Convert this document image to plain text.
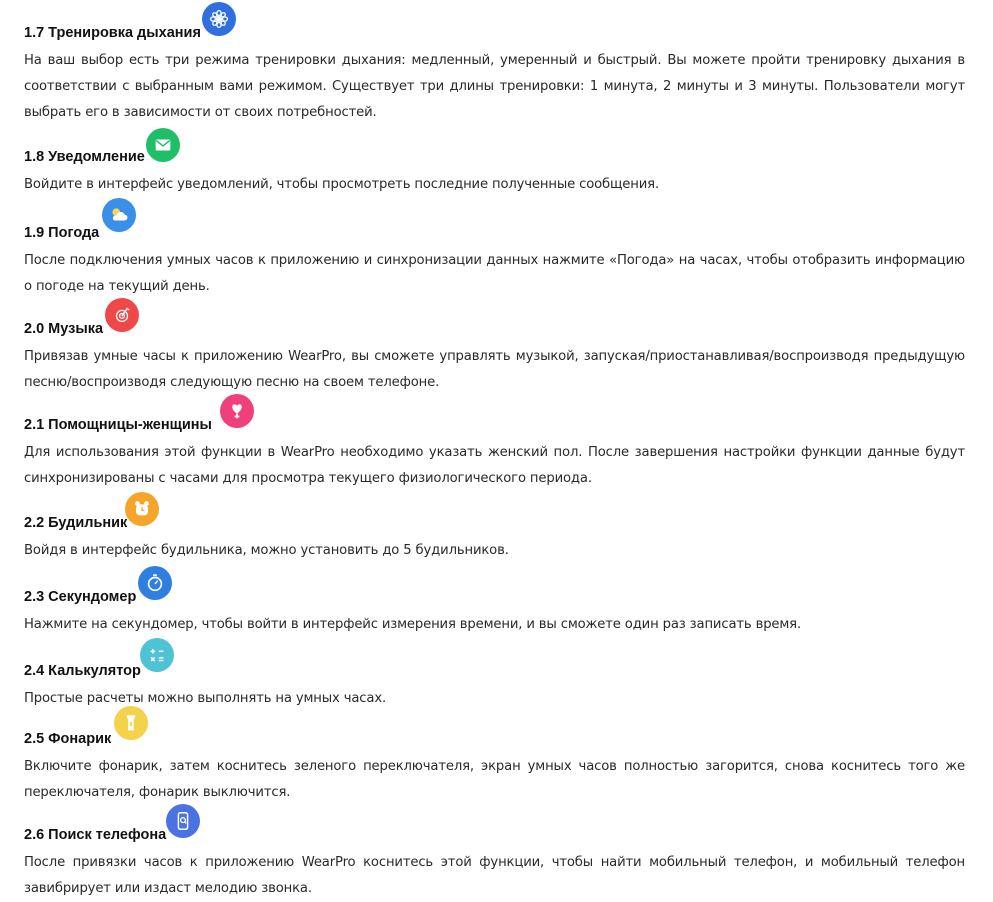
1.7 Тренировка дыхания
На ваш выбор есть три режима тренировки дыхания: медленный, умеренный и быстрый. Вы можете пройти тренировку дыхания в соответствии с выбранным вами режимом. Существует три длины тренировки: 1 минута, 2 минуты и 3 минуты. Пользователи могут выбрать его в зависимости от своих потребностей.
1.8 Уведомление
Войдите в интерфейс уведомлений, чтобы просмотреть последние полученные сообщения.
1.9 Погода
После подключения умных часов к приложению и синхронизации данных нажмите «Погода» на часах, чтобы отобразить информацию о погоде на текущий день.
2.0 Музыка
Привязав умные часы к приложению WearPro, вы сможете управлять музыкой, запуская/приостанавливая/воспроизводя предыдущую песню/воспроизводя следующую песню на своем телефоне.
2.1 Помощницы-женщины
Для использования этой функции в WearPro необходимо указать женский пол. После завершения настройки функции данные будут синхронизированы с часами для просмотра текущего физиологического периода.
2.2 Будильник
Войдя в интерфейс будильника, можно установить до 5 будильников.
2.3 Секундомер
Нажмите на секундомер, чтобы войти в интерфейс измерения времени, и вы сможете один раз записать время.
2.4 Калькулятор
Простые расчеты можно выполнять на умных часах.
2.5 Фонарик
Включите фонарик, затем коснитесь зеленого переключателя, экран умных часов полностью загорится, снова коснитесь того же переключателя, фонарик выключится.
2.6 Поиск телефона
После привязки часов к приложению WearPro коснитесь этой функции, чтобы найти мобильный телефон, и мобильный телефон завибрирует или издаст мелодию звонка.
